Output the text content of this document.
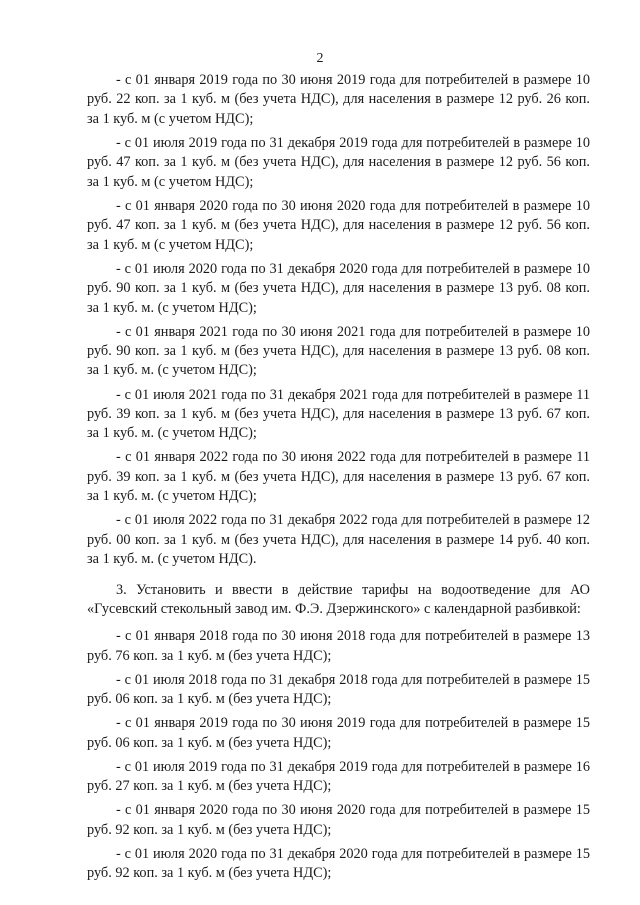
2

- с 01 января 2019 года по 30 июня 2019 года для потребителей в размере 10 руб. 22 коп. за 1 куб. м (без учета НДС), для населения в размере 12 руб. 26 коп. за 1 куб. м (с учетом НДС);

- с 01 июля 2019 года по 31 декабря 2019 года для потребителей в размере 10 руб. 47 коп. за 1 куб. м (без учета НДС), для населения в размере 12 руб. 56 коп. за 1 куб. м (с учетом НДС);

- с 01 января 2020 года по 30 июня 2020 года для потребителей в размере 10 руб. 47 коп. за 1 куб. м (без учета НДС), для населения в размере 12 руб. 56 коп. за 1 куб. м (с учетом НДС);

- с 01 июля 2020 года по 31 декабря 2020 года для потребителей в размере 10 руб. 90 коп. за 1 куб. м (без учета НДС), для населения в размере 13 руб. 08 коп. за 1 куб. м. (с учетом НДС);

- с 01 января 2021 года по 30 июня 2021 года для потребителей в размере 10 руб. 90 коп. за 1 куб. м (без учета НДС), для населения в размере 13 руб. 08 коп. за 1 куб. м. (с учетом НДС);

- с 01 июля 2021 года по 31 декабря 2021 года для потребителей в размере 11 руб. 39 коп. за 1 куб. м (без учета НДС), для населения в размере 13 руб. 67 коп. за 1 куб. м. (с учетом НДС);

- с 01 января 2022 года по 30 июня 2022 года для потребителей в размере 11 руб. 39 коп. за 1 куб. м (без учета НДС), для населения в размере 13 руб. 67 коп. за 1 куб. м. (с учетом НДС);

- с 01 июля 2022 года по 31 декабря 2022 года для потребителей в размере 12 руб. 00 коп. за 1 куб. м (без учета НДС), для населения в размере 14 руб. 40 коп. за 1 куб. м. (с учетом НДС).

3. Установить и ввести в действие тарифы на водоотведение для АО «Гусевский стекольный завод им. Ф.Э. Дзержинского» с календарной разбивкой:

- с 01 января 2018 года по 30 июня 2018 года для потребителей в размере 13 руб. 76 коп. за 1 куб. м (без учета НДС);

- с 01 июля 2018 года по 31 декабря 2018 года для потребителей в размере 15 руб. 06 коп. за 1 куб. м (без учета НДС);

- с 01 января 2019 года по 30 июня 2019 года для потребителей в размере 15 руб. 06 коп. за 1 куб. м (без учета НДС);

- с 01 июля 2019 года по 31 декабря 2019 года для потребителей в размере 16 руб. 27 коп. за 1 куб. м (без учета НДС);

- с 01 января 2020 года по 30 июня 2020 года для потребителей в размере 15 руб. 92 коп. за 1 куб. м (без учета НДС);

- с 01 июля 2020 года по 31 декабря 2020 года для потребителей в размере 15 руб. 92 коп. за 1 куб. м (без учета НДС);
